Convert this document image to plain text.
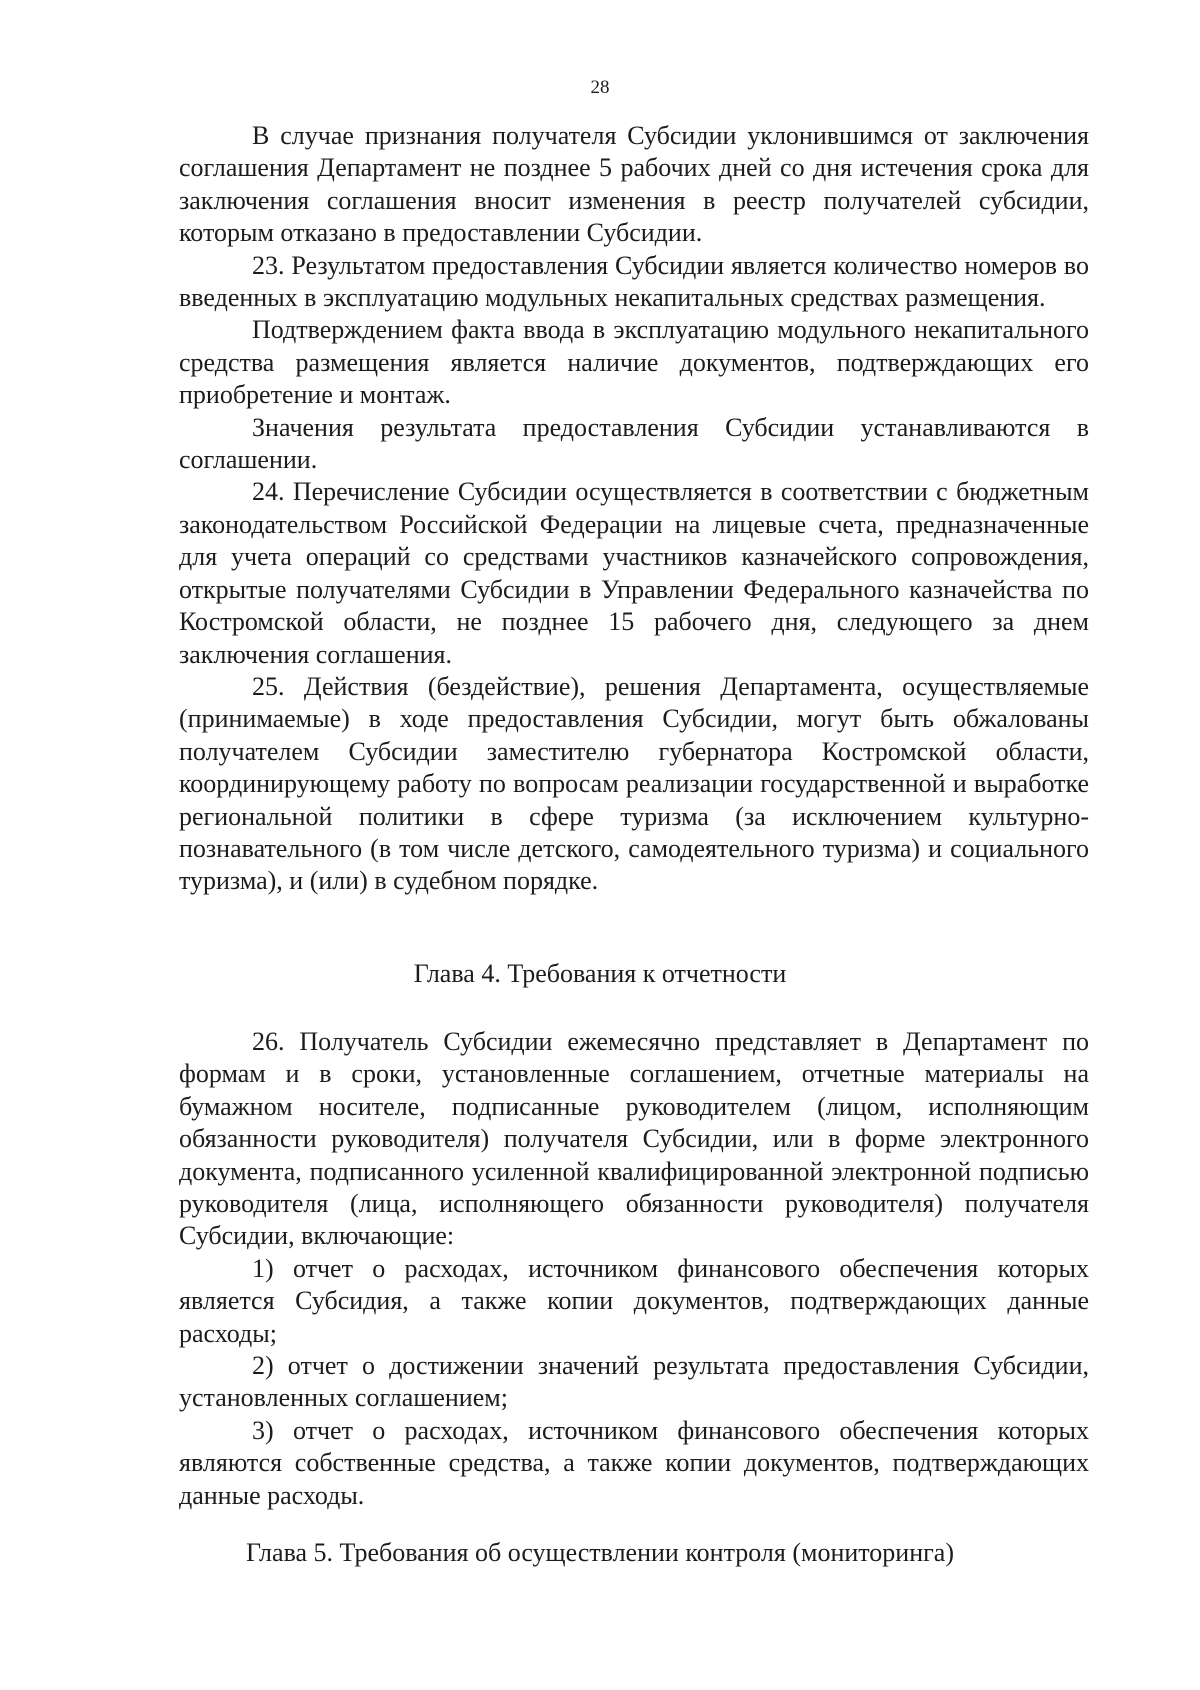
28

В случае признания получателя Субсидии уклонившимся от заключения соглашения Департамент не позднее 5 рабочих дней со дня истечения срока для заключения соглашения вносит изменения в реестр получателей субсидии, которым отказано в предоставлении Субсидии.

23. Результатом предоставления Субсидии является количество номеров во введенных в эксплуатацию модульных некапитальных средствах размещения.

Подтверждением факта ввода в эксплуатацию модульного некапитального средства размещения является наличие документов, подтверждающих его приобретение и монтаж.

Значения результата предоставления Субсидии устанавливаются в соглашении.

24. Перечисление Субсидии осуществляется в соответствии с бюджетным законодательством Российской Федерации на лицевые счета, предназначенные для учета операций со средствами участников казначейского сопровождения, открытые получателями Субсидии в Управлении Федерального казначейства по Костромской области, не позднее 15 рабочего дня, следующего за днем заключения соглашения.

25. Действия (бездействие), решения Департамента, осуществляемые (принимаемые) в ходе предоставления Субсидии, могут быть обжалованы получателем Субсидии заместителю губернатора Костромской области, координирующему работу по вопросам реализации государственной и выработке региональной политики в сфере туризма (за исключением культурно-познавательного (в том числе детского, самодеятельного туризма) и социального туризма), и (или) в судебном порядке.

Глава 4. Требования к отчетности

26. Получатель Субсидии ежемесячно представляет в Департамент по формам и в сроки, установленные соглашением, отчетные материалы на бумажном носителе, подписанные руководителем (лицом, исполняющим обязанности руководителя) получателя Субсидии, или в форме электронного документа, подписанного усиленной квалифицированной электронной подписью руководителя (лица, исполняющего обязанности руководителя) получателя Субсидии, включающие:

1) отчет о расходах, источником финансового обеспечения которых является Субсидия, а также копии документов, подтверждающих данные расходы;

2) отчет о достижении значений результата предоставления Субсидии, установленных соглашением;

3) отчет о расходах, источником финансового обеспечения которых являются собственные средства, а также копии документов, подтверждающих данные расходы.

Глава 5. Требования об осуществлении контроля (мониторинга)
